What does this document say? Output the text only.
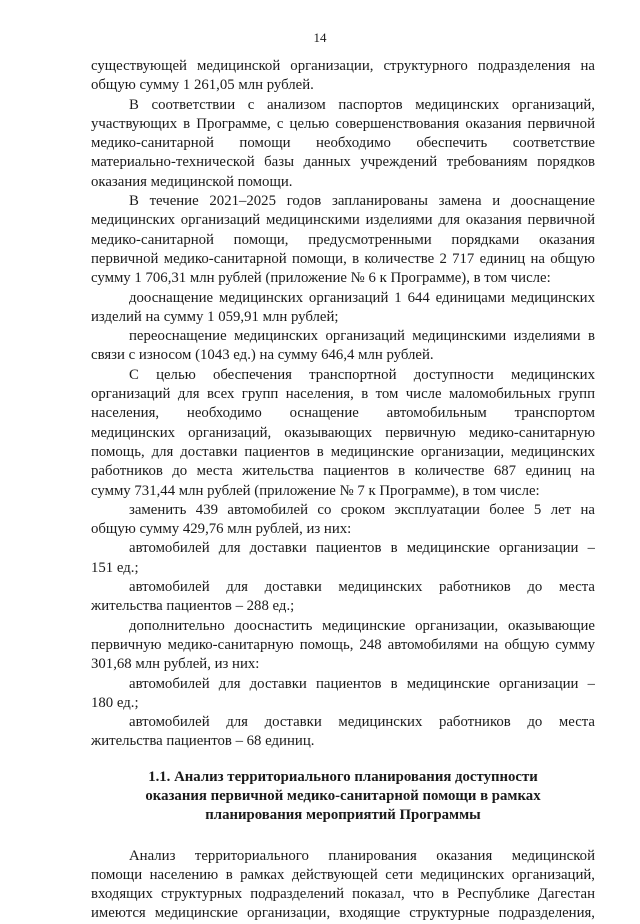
14
существующей медицинской организации, структурного подразделения на
общую сумму 1 261,05 млн рублей.
В соответствии с анализом паспортов медицинских организаций,
участвующих в Программе, с целью совершенствования оказания первичной
медико-санитарной помощи необходимо обеспечить соответствие
материально-технической базы данных учреждений требованиям порядков
оказания медицинской помощи.
В течение 2021–2025 годов запланированы замена и дооснащение
медицинских организаций медицинскими изделиями для оказания первичной
медико-санитарной помощи, предусмотренными порядками оказания
первичной медико-санитарной помощи, в количестве 2 717 единиц на общую
сумму 1 706,31 млн рублей (приложение № 6 к Программе), в том числе:
дооснащение медицинских организаций 1 644 единицами медицинских
изделий на сумму 1 059,91 млн рублей;
переоснащение медицинских организаций медицинскими изделиями в
связи с износом (1043 ед.) на сумму 646,4 млн рублей.
С целью обеспечения транспортной доступности медицинских
организаций для всех групп населения, в том числе маломобильных групп
населения, необходимо оснащение автомобильным транспортом
медицинских организаций, оказывающих первичную медико-санитарную
помощь, для доставки пациентов в медицинские организации, медицинских
работников до места жительства пациентов в количестве 687 единиц на
сумму 731,44 млн рублей (приложение № 7 к Программе), в том числе:
заменить 439 автомобилей со сроком эксплуатации более 5 лет на
общую сумму 429,76 млн рублей, из них:
автомобилей для доставки пациентов в медицинские организации –
151 ед.;
автомобилей для доставки медицинских работников до места
жительства пациентов – 288 ед.;
дополнительно дооснастить медицинские организации, оказывающие
первичную медико-санитарную помощь, 248 автомобилями на общую сумму
301,68 млн рублей, из них:
автомобилей для доставки пациентов в медицинские организации –
180 ед.;
автомобилей для доставки медицинских работников до места
жительства пациентов – 68 единиц.
1.1. Анализ территориального планирования доступности
оказания первичной медико-санитарной помощи в рамках
планирования мероприятий Программы
Анализ территориального планирования оказания медицинской
помощи населению в рамках действующей сети медицинских организаций,
входящих структурных подразделений показал, что в Республике Дагестан
имеются медицинские организации, входящие структурные подразделения,
